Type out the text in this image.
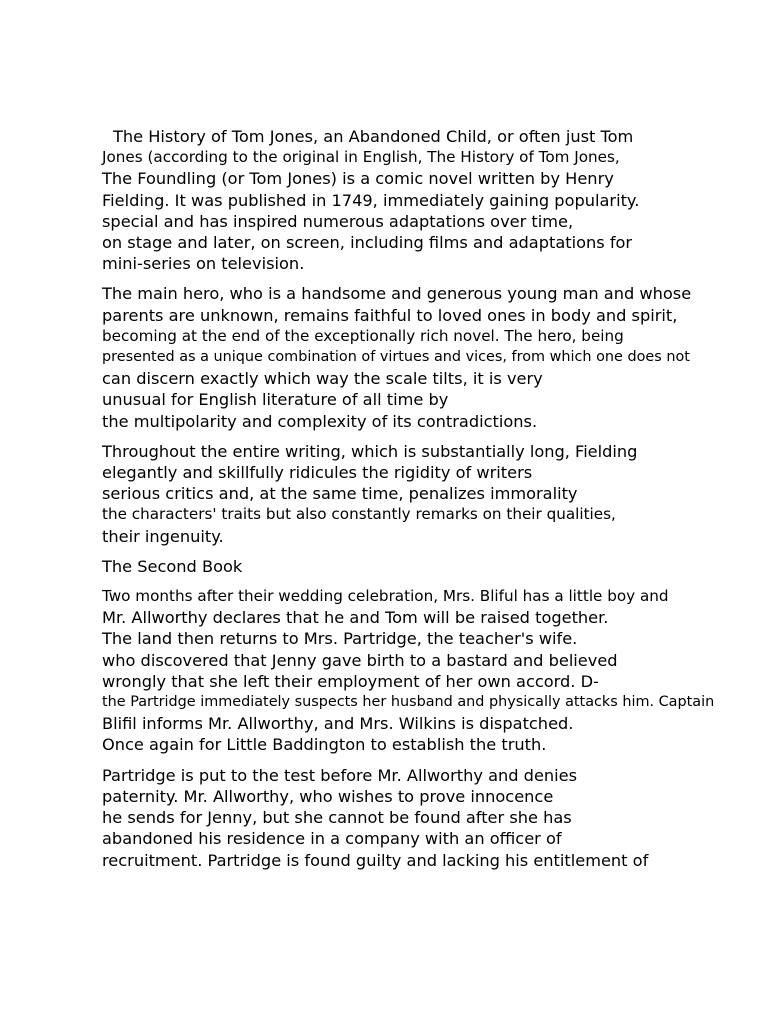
The History of Tom Jones, an Abandoned Child, or often just Tom
Jones (according to the original in English, The History of Tom Jones,
The Foundling (or Tom Jones) is a comic novel written by Henry
Fielding. It was published in 1749, immediately gaining popularity.
special and has inspired numerous adaptations over time,
on stage and later, on screen, including films and adaptations for
mini-series on television.
The main hero, who is a handsome and generous young man and whose
parents are unknown, remains faithful to loved ones in body and spirit,
becoming at the end of the exceptionally rich novel. The hero, being
presented as a unique combination of virtues and vices, from which one does not
can discern exactly which way the scale tilts, it is very
unusual for English literature of all time by
the multipolarity and complexity of its contradictions.
Throughout the entire writing, which is substantially long, Fielding
elegantly and skillfully ridicules the rigidity of writers
serious critics and, at the same time, penalizes immorality
the characters' traits but also constantly remarks on their qualities,
their ingenuity.
The Second Book
Two months after their wedding celebration, Mrs. Bliful has a little boy and
Mr. Allworthy declares that he and Tom will be raised together.
The land then returns to Mrs. Partridge, the teacher's wife.
who discovered that Jenny gave birth to a bastard and believed
wrongly that she left their employment of her own accord. D-
the Partridge immediately suspects her husband and physically attacks him. Captain
Blifil informs Mr. Allworthy, and Mrs. Wilkins is dispatched.
Once again for Little Baddington to establish the truth.
Partridge is put to the test before Mr. Allworthy and denies
paternity. Mr. Allworthy, who wishes to prove innocence
he sends for Jenny, but she cannot be found after she has
abandoned his residence in a company with an officer of
recruitment. Partridge is found guilty and lacking his entitlement of
